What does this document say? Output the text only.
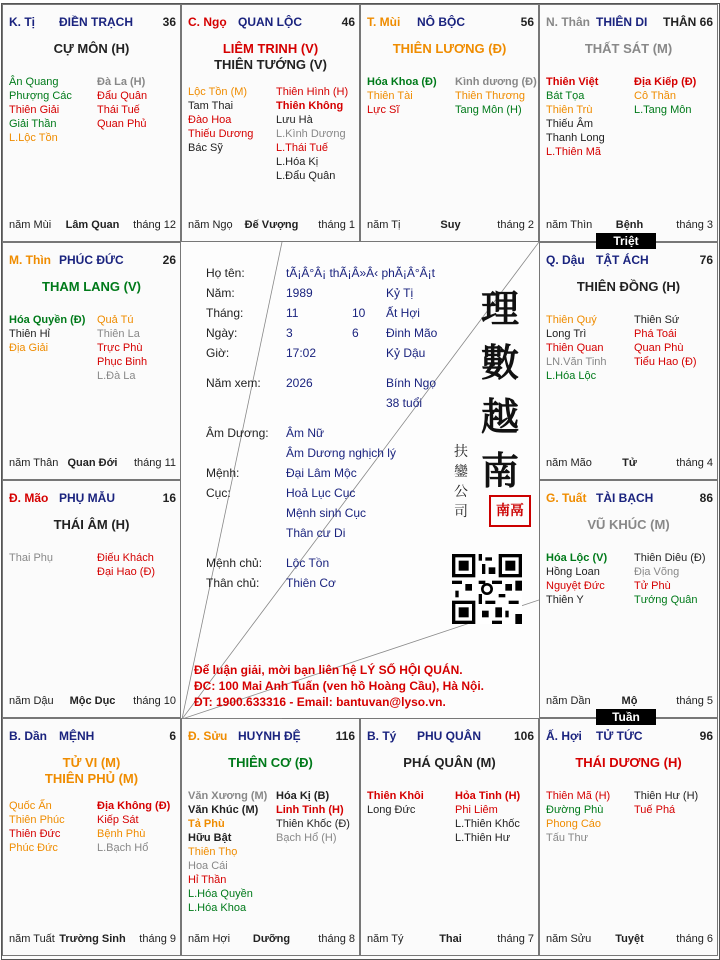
K. Tị ĐIỀN TRẠCH 36
CỰ MÔN (H)
Ân Quang
Phượng Các
Thiên Giải
Giải Thần
L.Lộc Tồn
Đà La (H)
Đẩu Quân
Thái Tuế
Quan Phủ
năm Mùi	Lâm Quan	tháng 12
C. Ngọ QUAN LỘC	46
LIÊM TRINH (V)
THIÊN TƯỚNG (V)
Lộc Tồn (M)
Tam Thai
Đào Hoa
Thiếu Dương
Bác Sỹ
Thiên Hình (H)
Thiên Không
Lưu Hà
L.Kình Dương
L.Thái Tuế
L.Hóa Kị
L.Đẩu Quân
năm Ngọ	Đế Vượng	tháng 1
T. Mùi NÔ BỘC	56
THIÊN LƯƠNG (Đ)
Hóa Khoa (Đ)
Thiên Tài
Lực Sĩ
Kình dương (Đ)
Thiên Thương
Tang Môn (H)
năm Tị	Suy	tháng 2
N. Thân THIÊN DI THÂN 66
THẤT SÁT (M)
Thiên Việt
Bát Tọa
Thiên Trù
Thiếu Âm
Thanh Long
L.Thiên Mã
Địa Kiếp (Đ)
Cô Thần
L.Tang Môn
năm Thìn	Bệnh	tháng 3
M. Thìn PHÚC ĐỨC	26
THAM LANG (V)
Hóa Quyền (Đ)
Thiên Hỉ
Địa Giải
Quả Tú
Thiên La
Trực Phù
Phục Binh
L.Đà La
năm Thân Quan Đới	tháng 11
Q. Dậu TẬT ÁCH	76
THIÊN ĐỒNG (H)
Thiên Quý
Long Trì
Thiên Quan
LN.Văn Tinh
L.Hóa Lộc
Thiên Sứ
Phá Toái
Quan Phù
Tiểu Hao (Đ)
năm Mão	Tử	tháng 4
Đ. Mão PHỤ MẪU	16
THÁI ÂM (H)
Thai Phụ	Điếu Khách
Đại Hao (Đ)
năm Dậu	Mộc Dục	tháng 10
G. Tuất TÀI BẠCH	86
VŨ KHÚC (M)
Hóa Lộc (V)
Hồng Loan
Nguyệt Đức
Thiên Y
Thiên Diêu (Đ)
Địa Võng
Tử Phù
Tướng Quân
năm Dần	Mộ	tháng 5
B. Dần MỆNH	6
TỬ VI (M)
THIÊN PHỦ (M)
Quốc Ấn
Thiên Phúc
Thiên Đức
Phúc Đức
Địa Không (Đ)
Kiếp Sát
Bệnh Phù
L.Bạch Hổ
năm Tuất Trường Sinh	tháng 9
Đ. Sửu HUYNH ĐỆ	116
THIÊN CƠ (Đ)
Văn Xương (M)
Văn Khúc (M)
Tả Phù
Hữu Bật
Thiên Thọ
Hoa Cái
Hỉ Thần
L.Hóa Quyền
L.Hóa Khoa
Hóa Kị (B)
Linh Tinh (H)
Thiên Khốc (Đ)
Bạch Hổ (H)
năm Hợi	Dưỡng	tháng 8
B. Tý PHU QUÂN	106
PHÁ QUÂN (M)
Thiên Khôi
Long Đức
Hỏa Tinh (H)
Phi Liêm
L.Thiên Khốc
L.Thiên Hư
năm Tý	Thai	tháng 7
Ấ. Hợi TỬ TỨC	96
THÁI DƯƠNG (H)
Thiên Mã (H)
Đường Phù
Phong Cáo
Tấu Thư
Thiên Hư (H)
Tuế Phá
năm Sửu	Tuyệt	tháng 6
Triệt
Tuần
Họ tên:	tÃ¡Â°Â¡ thÃ¡Â»Â‹ phÃ¡Â°Â¡t
Năm:	1989	Kỷ Tị
Tháng:	11	10 Ất Hợi
Ngày:	3	6 Đinh Mão
Giờ:	17:02	Kỷ Dậu
Năm xem: 2026	Bính Ngọ
38 tuổi
Âm Dương: Âm Nữ
Âm Dương nghịch lý
Mệnh:	Đại Lâm Mộc
Cục:	Hoả Lục Cục
Mệnh sinh Cục
Thân cư Di
Mệnh chủ: Lộc Tồn
Thân chủ: Thiên Cơ
理
數
越
南
扶
鑾
公
司	南鬲
Để luận giải, mời bạn liên hệ LÝ SỐ HỘI QUÁN.
ĐC: 100 Mai Anh Tuấn (ven hồ Hoàng Cầu), Hà Nội.
ĐT: 1900.633316 - Email: bantuvan@lyso.vn.
